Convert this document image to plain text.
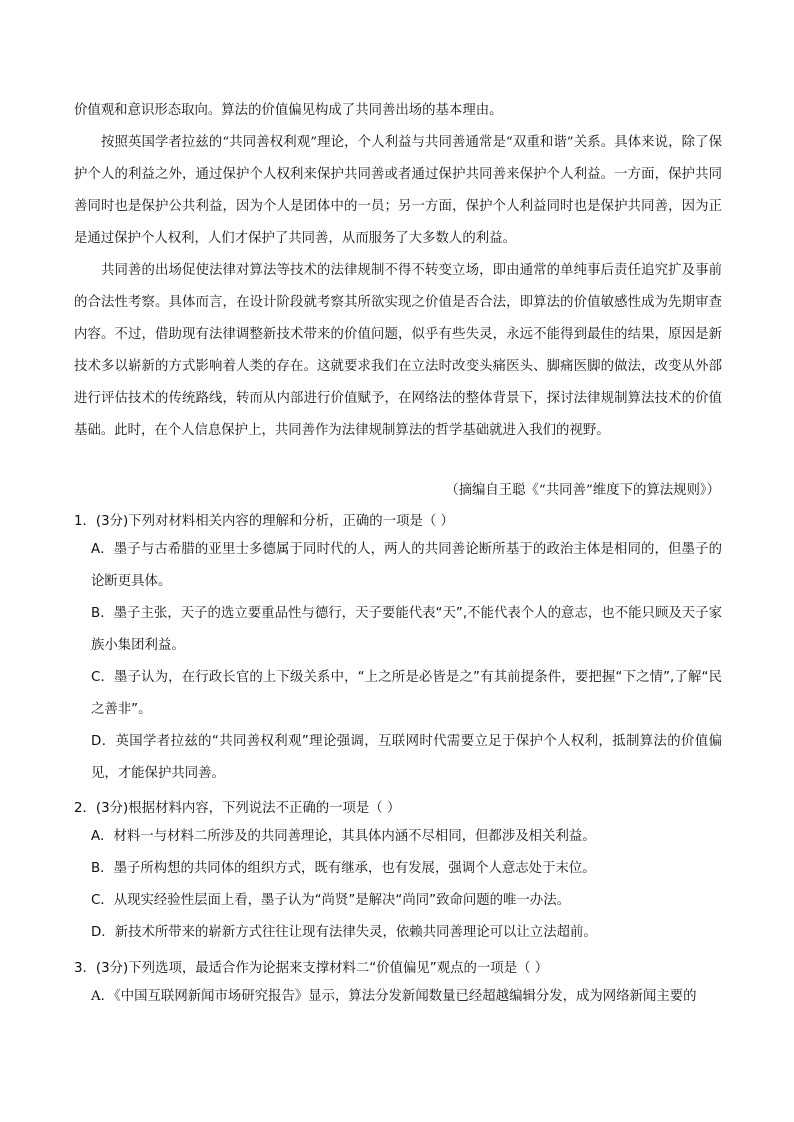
价值观和意识形态取向。算法的价值偏见构成了共同善出场的基本理由。

按照英国学者拉兹的“共同善权利观”理论，个人利益与共同善通常是“双重和谐”关系。具体来说，除了保护个人的利益之外，通过保护个人权利来保护共同善或者通过保护共同善来保护个人利益。一方面，保护共同善同时也是保护公共利益，因为个人是团体中的一员；另一方面，保护个人利益同时也是保护共同善，因为正是通过保护个人权利，人们才保护了共同善，从而服务了大多数人的利益。

共同善的出场促使法律对算法等技术的法律规制不得不转变立场，即由通常的单纯事后责任追究扩及事前的合法性考察。具体而言，在设计阶段就考察其所欲实现之价值是否合法，即算法的价值敏感性成为先期审查内容。不过，借助现有法律调整新技术带来的价值问题，似乎有些失灵，永远不能得到最佳的结果，原因是新技术多以崭新的方式影响着人类的存在。这就要求我们在立法时改变头痛医头、脚痛医脚的做法，改变从外部进行评估技术的传统路线，转而从内部进行价值赋予，在网络法的整体背景下，探讨法律规制算法技术的价值基础。此时，在个人信息保护上，共同善作为法律规制算法的哲学基础就进入我们的视野。

（摘编自王聪《“共同善”维度下的算法规则》）

1．(3分)下列对材料相关内容的理解和分析，正确的一项是（ ）

A．墨子与古希腊的亚里士多德属于同时代的人，两人的共同善论断所基于的政治主体是相同的，但墨子的论断更具体。

B．墨子主张，天子的选立要重品性与德行，天子要能代表“天”,不能代表个人的意志，也不能只顾及天子家族小集团利益。

C．墨子认为，在行政长官的上下级关系中，“上之所是必皆是之”有其前提条件，要把握“下之情”,了解“民之善非”。

D．英国学者拉兹的“共同善权利观”理论强调，互联网时代需要立足于保护个人权利，抵制算法的价值偏见，才能保护共同善。

2．(3分)根据材料内容，下列说法不正确的一项是（ ）

A．材料一与材料二所涉及的共同善理论，其具体内涵不尽相同，但都涉及相关利益。

B．墨子所构想的共同体的组织方式，既有继承，也有发展，强调个人意志处于末位。

C．从现实经验性层面上看，墨子认为“尚贤”是解决“尚同”致命问题的唯一办法。

D．新技术所带来的崭新方式往往让现有法律失灵，依赖共同善理论可以让立法超前。

3．(3分)下列选项，最适合作为论据来支撑材料二“价值偏见”观点的一项是（ ）

A．《中国互联网新闻市场研究报告》显示，算法分发新闻数量已经超越编辑分发，成为网络新闻主要的
